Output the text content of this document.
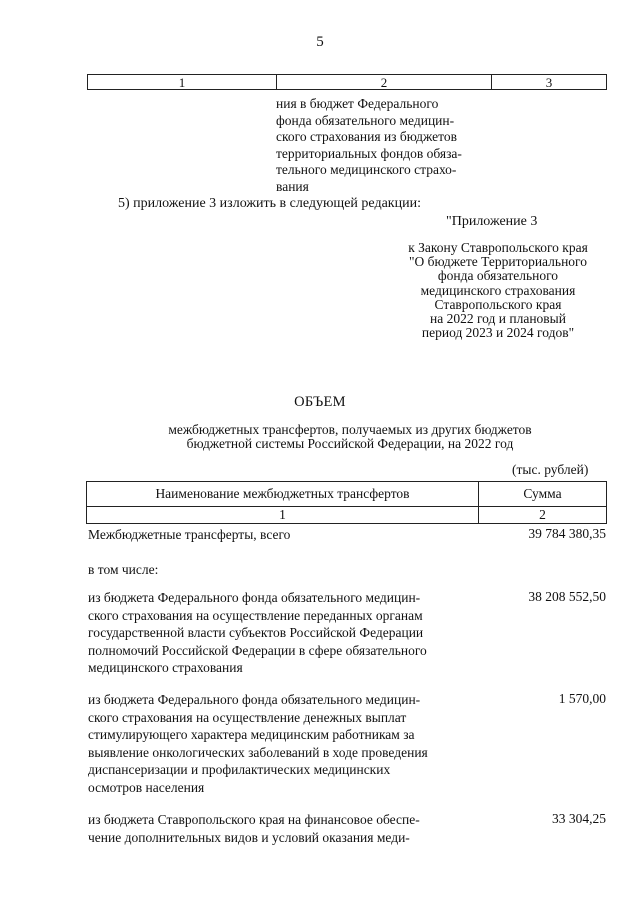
5
1	2	3
ния в бюджет Федерального
фонда обязательного медицин-
ского страхования из бюджетов
территориальных фондов обяза-
тельного медицинского страхо-
вания
5) приложение 3 изложить в следующей редакции:
"Приложение 3
к Закону Ставропольского края
"О бюджете Территориального
фонда обязательного
медицинского страхования
Ставропольского края
на 2022 год и плановый
период 2023 и 2024 годов"
ОБЪЕМ
межбюджетных трансфертов, получаемых из других бюджетов
бюджетной системы Российской Федерации, на 2022 год
(тыс. рублей)
Наименование межбюджетных трансфертов	Сумма
1	2
Межбюджетные трансферты, всего	39 784 380,35
в том числе:
из бюджета Федерального фонда обязательного медицин-
ского страхования на осуществление переданных органам
государственной власти субъектов Российской Федерации
полномочий Российской Федерации в сфере обязательного
медицинского страхования
38 208 552,50
из бюджета Федерального фонда обязательного медицин-
ского страхования на осуществление денежных выплат
стимулирующего характера медицинским работникам за
выявление онкологических заболеваний в ходе проведения
диспансеризации и профилактических медицинских
осмотров населения
1 570,00
из бюджета Ставропольского края на финансовое обеспе-
чение дополнительных видов и условий оказания меди-
33 304,25
